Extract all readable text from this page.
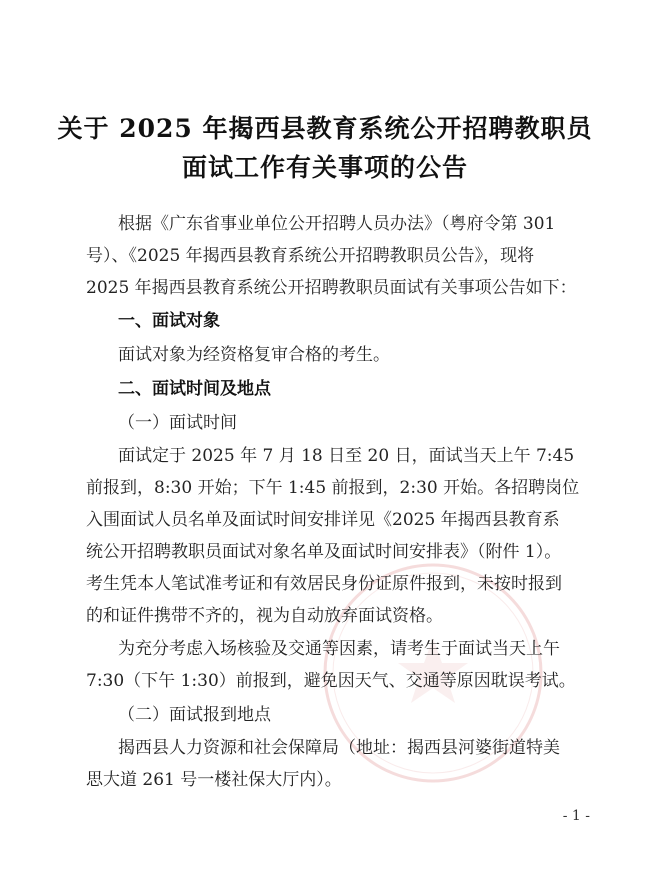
关于 2025 年揭西县教育系统公开招聘教职员
面试工作有关事项的公告
根据《广东省事业单位公开招聘人员办法》（粤府令第 301
号）、《2025 年揭西县教育系统公开招聘教职员公告》，现将
2025 年揭西县教育系统公开招聘教职员面试有关事项公告如下：
一、面试对象
面试对象为经资格复审合格的考生。
二、面试时间及地点
（一）面试时间
面试定于 2025 年 7 月 18 日至 20 日，面试当天上午 7:45
前报到，8:30 开始；下午 1:45 前报到，2:30 开始。各招聘岗位
入围面试人员名单及面试时间安排详见《2025 年揭西县教育系
统公开招聘教职员面试对象名单及面试时间安排表》（附件 1）。
考生凭本人笔试准考证和有效居民身份证原件报到，未按时报到
的和证件携带不齐的，视为自动放弃面试资格。
为充分考虑入场核验及交通等因素，请考生于面试当天上午
7:30（下午 1:30）前报到，避免因天气、交通等原因耽误考试。
（二）面试报到地点
揭西县人力资源和社会保障局（地址：揭西县河婆街道特美
思大道 261 号一楼社保大厅内）。
- 1 -
